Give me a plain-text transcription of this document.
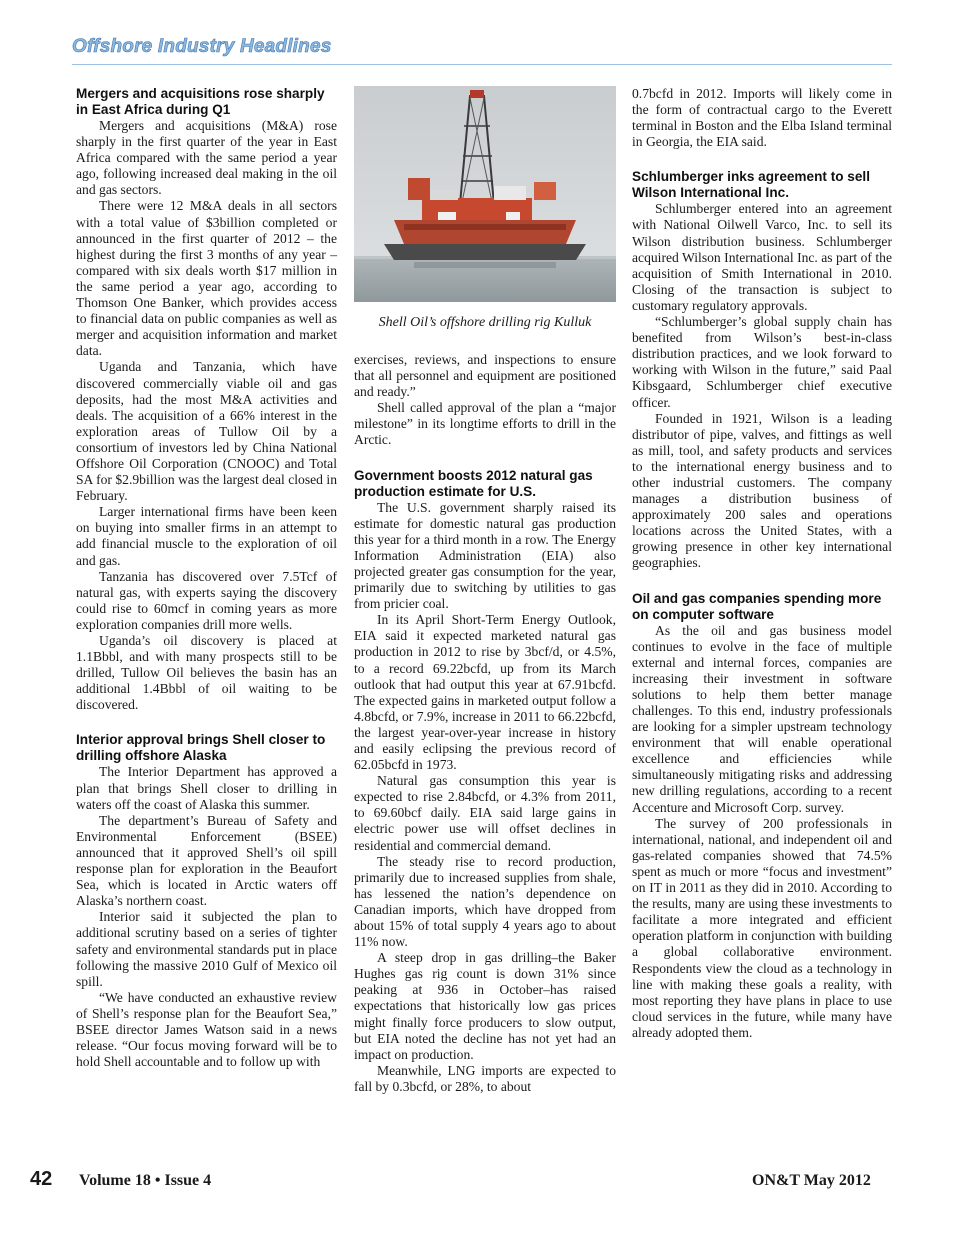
Offshore Industry Headlines
Mergers and acquisitions rose sharply in East Africa during Q1

Mergers and acquisitions (M&A) rose sharply in the first quarter of the year in East Africa compared with the same period a year ago, following increased deal making in the oil and gas sectors.

There were 12 M&A deals in all sectors with a total value of $3billion completed or announced in the first quarter of 2012 – the highest during the first 3 months of any year – compared with six deals worth $17 million in the same period a year ago, according to Thomson One Banker, which provides access to financial data on public companies as well as merger and acquisition information and market data.

Uganda and Tanzania, which have discovered commercially viable oil and gas deposits, had the most M&A activities and deals. The acquisition of a 66% interest in the exploration areas of Tullow Oil by a consortium of investors led by China National Offshore Oil Corporation (CNOOC) and Total SA for $2.9billion was the largest deal closed in February.

Larger international firms have been keen on buying into smaller firms in an attempt to add financial muscle to the exploration of oil and gas.

Tanzania has discovered over 7.5Tcf of natural gas, with experts saying the discovery could rise to 60mcf in coming years as more exploration companies drill more wells.

Uganda’s oil discovery is placed at 1.1Bbbl, and with many prospects still to be drilled, Tullow Oil believes the basin has an additional 1.4Bbbl of oil waiting to be discovered.

Interior approval brings Shell closer to drilling offshore Alaska

The Interior Department has approved a plan that brings Shell closer to drilling in waters off the coast of Alaska this summer.

The department’s Bureau of Safety and Environmental Enforcement (BSEE) announced that it approved Shell’s oil spill response plan for exploration in the Beaufort Sea, which is located in Arctic waters off Alaska’s northern coast.

Interior said it subjected the plan to additional scrutiny based on a series of tighter safety and environmental standards put in place following the massive 2010 Gulf of Mexico oil spill.

“We have conducted an exhaustive review of Shell’s response plan for the Beaufort Sea,” BSEE director James Watson said in a news release. “Our focus moving forward will be to hold Shell accountable and to follow up with

Shell Oil’s offshore drilling rig Kulluk

exercises, reviews, and inspections to ensure that all personnel and equipment are positioned and ready.”

Shell called approval of the plan a “major milestone” in its longtime efforts to drill in the Arctic.

Government boosts 2012 natural gas production estimate for U.S.

The U.S. government sharply raised its estimate for domestic natural gas production this year for a third month in a row. The Energy Information Administration (EIA) also projected greater gas consumption for the year, primarily due to switching by utilities to gas from pricier coal.

In its April Short-Term Energy Outlook, EIA said it expected marketed natural gas production in 2012 to rise by 3bcf/d, or 4.5%, to a record 69.22bcfd, up from its March outlook that had output this year at 67.91bcfd. The expected gains in marketed output follow a 4.8bcfd, or 7.9%, increase in 2011 to 66.22bcfd, the largest year-over-year increase in history and easily eclipsing the previous record of 62.05bcfd in 1973.

Natural gas consumption this year is expected to rise 2.84bcfd, or 4.3% from 2011, to 69.60bcf daily. EIA said large gains in electric power use will offset declines in residential and commercial demand.

The steady rise to record production, primarily due to increased supplies from shale, has lessened the nation’s dependence on Canadian imports, which have dropped from about 15% of total supply 4 years ago to about 11% now.

A steep drop in gas drilling–the Baker Hughes gas rig count is down 31% since peaking at 936 in October–has raised expectations that historically low gas prices might finally force producers to slow output, but EIA noted the decline has not yet had an impact on production.

Meanwhile, LNG imports are expected to fall by 0.3bcfd, or 28%, to about

0.7bcfd in 2012. Imports will likely come in the form of contractual cargo to the Everett terminal in Boston and the Elba Island terminal in Georgia, the EIA said.

Schlumberger inks agreement to sell Wilson International Inc.

Schlumberger entered into an agreement with National Oilwell Varco, Inc. to sell its Wilson distribution business. Schlumberger acquired Wilson International Inc. as part of the acquisition of Smith International in 2010. Closing of the transaction is subject to customary regulatory approvals.

“Schlumberger’s global supply chain has benefited from Wilson’s best-in-class distribution practices, and we look forward to working with Wilson in the future,” said Paal Kibsgaard, Schlumberger chief executive officer.

Founded in 1921, Wilson is a leading distributor of pipe, valves, and fittings as well as mill, tool, and safety products and services to the international energy business and to other industrial customers. The company manages a distribution business of approximately 200 sales and operations locations across the United States, with a growing presence in other key international geographies.

Oil and gas companies spending more on computer software

As the oil and gas business model continues to evolve in the face of multiple external and internal forces, companies are increasing their investment in software solutions to help them better manage challenges. To this end, industry professionals are looking for a simpler upstream technology environment that will enable operational excellence and efficiencies while simultaneously mitigating risks and addressing new drilling regulations, according to a recent Accenture and Microsoft Corp. survey.

The survey of 200 professionals in international, national, and independent oil and gas-related companies showed that 74.5% spent as much or more “focus and investment” on IT in 2011 as they did in 2010. According to the results, many are using these investments to facilitate a more integrated and efficient operation platform in conjunction with building a global collaborative environment. Respondents view the cloud as a technology in line with making these goals a reality, with most reporting they have plans in place to use cloud services in the future, while many have already adopted them.

42 Volume 18 • Issue 4	ON&T May 2012
